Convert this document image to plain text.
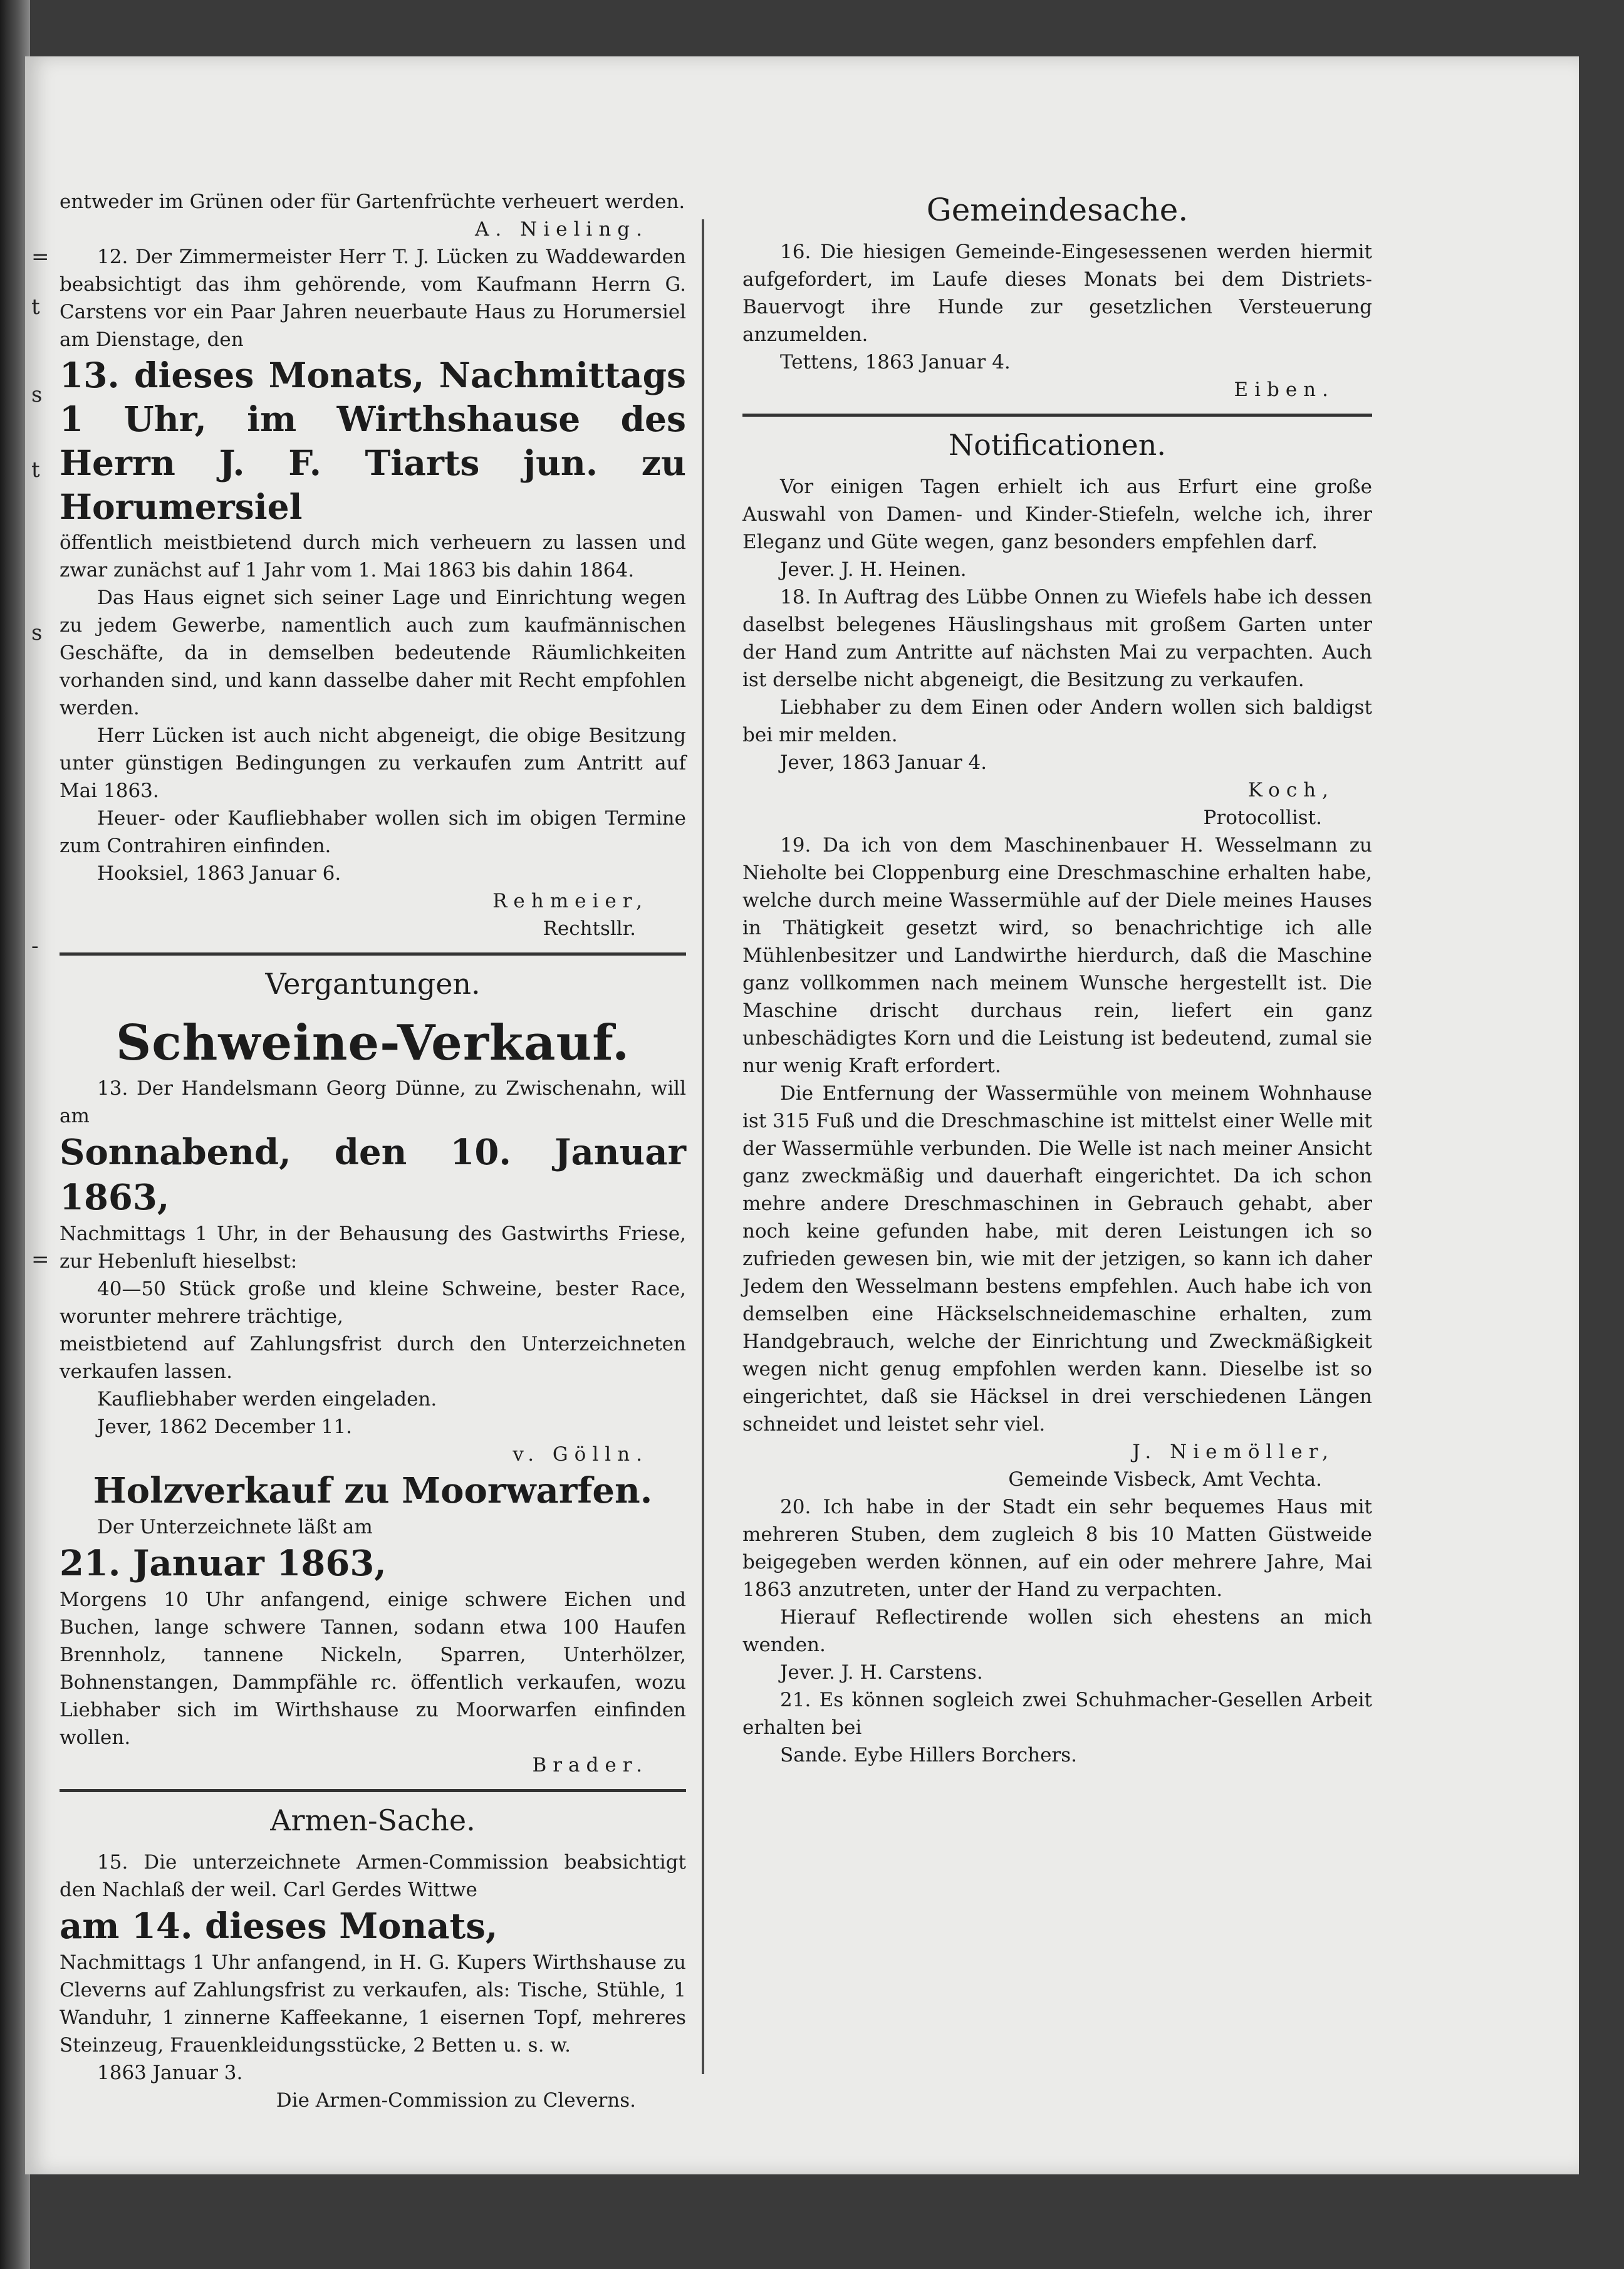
=
t
s
t
s
-
=

entweder im Grünen oder für Gartenfrüchte verheuert werden.

A. Nieling.

12. Der Zimmermeister Herr T. J. Lücken zu Waddewarden beabsichtigt das ihm gehörende, vom Kaufmann Herrn G. Carstens vor ein Paar Jahren neuerbaute Haus zu Horumersiel am Dienstage, den

13. dieses Monats, Nachmittags 1 Uhr, im Wirthshause des Herrn J. F. Tiarts jun. zu Horumersiel

öffentlich meistbietend durch mich verheuern zu lassen und zwar zunächst auf 1 Jahr vom 1. Mai 1863 bis dahin 1864.

Das Haus eignet sich seiner Lage und Einrichtung wegen zu jedem Gewerbe, namentlich auch zum kaufmännischen Geschäfte, da in demselben bedeutende Räumlichkeiten vorhanden sind, und kann dasselbe daher mit Recht empfohlen werden.

Herr Lücken ist auch nicht abgeneigt, die obige Besitzung unter günstigen Bedingungen zu verkaufen zum Antritt auf Mai 1863.

Heuer- oder Kaufliebhaber wollen sich im obigen Termine zum Contrahiren einfinden.

Hooksiel, 1863 Januar 6.

Rehmeier,

Rechtsllr.

Vergantungen.
Schweine-Verkauf.

13. Der Handelsmann Georg Dünne, zu Zwischenahn, will am

Sonnabend, den 10. Januar 1863,

Nachmittags 1 Uhr, in der Behausung des Gastwirths Friese, zur Hebenluft hieselbst:

40—50 Stück große und kleine Schweine, bester Race, worunter mehrere trächtige,

meistbietend auf Zahlungsfrist durch den Unterzeichneten verkaufen lassen.

Kaufliebhaber werden eingeladen.

Jever, 1862 December 11.

v. Gölln.

Holzverkauf zu Moorwarfen.

Der Unterzeichnete läßt am

21. Januar 1863,

Morgens 10 Uhr anfangend, einige schwere Eichen und Buchen, lange schwere Tannen, sodann etwa 100 Haufen Brennholz, tannene Nickeln, Sparren, Unterhölzer, Bohnenstangen, Dammpfähle rc. öffentlich verkaufen, wozu Liebhaber sich im Wirthshause zu Moorwarfen einfinden wollen.

Brader.

Armen-Sache.

15. Die unterzeichnete Armen-Commission beabsichtigt den Nachlaß der weil. Carl Gerdes Wittwe

am 14. dieses Monats,

Nachmittags 1 Uhr anfangend, in H. G. Kupers Wirthshause zu Cleverns auf Zahlungsfrist zu verkaufen, als: Tische, Stühle, 1 Wanduhr, 1 zinnerne Kaffeekanne, 1 eisernen Topf, mehreres Steinzeug, Frauenkleidungsstücke, 2 Betten u. s. w.

1863 Januar 3.

Die Armen-Commission zu Cleverns.

Gemeindesache.

16. Die hiesigen Gemeinde-Eingesessenen werden hiermit aufgefordert, im Laufe dieses Monats bei dem Distriets-Bauervogt ihre Hunde zur gesetzlichen Versteuerung anzumelden.

Tettens, 1863 Januar 4.

Eiben.

Notificationen.

Vor einigen Tagen erhielt ich aus Erfurt eine große Auswahl von Damen- und Kinder-Stiefeln, welche ich, ihrer Eleganz und Güte wegen, ganz besonders empfehlen darf.

Jever. J. H. Heinen.

18. In Auftrag des Lübbe Onnen zu Wiefels habe ich dessen daselbst belegenes Häuslingshaus mit großem Garten unter der Hand zum Antritte auf nächsten Mai zu verpachten. Auch ist derselbe nicht abgeneigt, die Besitzung zu verkaufen.

Liebhaber zu dem Einen oder Andern wollen sich baldigst bei mir melden.

Jever, 1863 Januar 4.

Koch,

Protocollist.

19. Da ich von dem Maschinenbauer H. Wesselmann zu Nieholte bei Cloppenburg eine Dreschmaschine erhalten habe, welche durch meine Wassermühle auf der Diele meines Hauses in Thätigkeit gesetzt wird, so benachrichtige ich alle Mühlenbesitzer und Landwirthe hierdurch, daß die Maschine ganz vollkommen nach meinem Wunsche hergestellt ist. Die Maschine drischt durchaus rein, liefert ein ganz unbeschädigtes Korn und die Leistung ist bedeutend, zumal sie nur wenig Kraft erfordert.

Die Entfernung der Wassermühle von meinem Wohnhause ist 315 Fuß und die Dreschmaschine ist mittelst einer Welle mit der Wassermühle verbunden. Die Welle ist nach meiner Ansicht ganz zweckmäßig und dauerhaft eingerichtet. Da ich schon mehre andere Dreschmaschinen in Gebrauch gehabt, aber noch keine gefunden habe, mit deren Leistungen ich so zufrieden gewesen bin, wie mit der jetzigen, so kann ich daher Jedem den Wesselmann bestens empfehlen. Auch habe ich von demselben eine Häckselschneidemaschine erhalten, zum Handgebrauch, welche der Einrichtung und Zweckmäßigkeit wegen nicht genug empfohlen werden kann. Dieselbe ist so eingerichtet, daß sie Häcksel in drei verschiedenen Längen schneidet und leistet sehr viel.

J. Niemöller,

Gemeinde Visbeck, Amt Vechta.

20. Ich habe in der Stadt ein sehr bequemes Haus mit mehreren Stuben, dem zugleich 8 bis 10 Matten Güstweide beigegeben werden können, auf ein oder mehrere Jahre, Mai 1863 anzutreten, unter der Hand zu verpachten.

Hierauf Reflectirende wollen sich ehestens an mich wenden.

Jever. J. H. Carstens.

21. Es können sogleich zwei Schuhmacher-Gesellen Arbeit erhalten bei

Sande. Eybe Hillers Borchers.
